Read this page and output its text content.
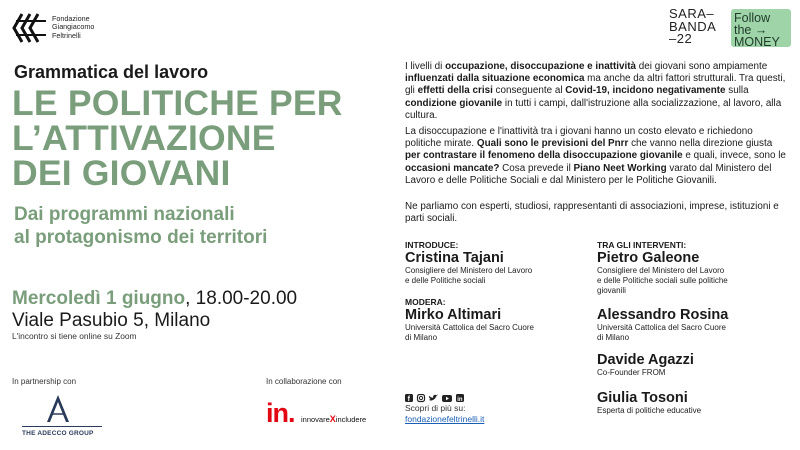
Fondazione
Giangiacomo
Feltrinelli
SARA–
BANDA
–22
Follow
the →
MONEY
Grammatica del lavoro
LE POLITICHE PER
L’ATTIVAZIONE
DEI GIOVANI
Dai programmi nazionali
al protagonismo dei territori
Mercoledì 1 giugno, 18.00-20.00
Viale Pasubio 5, Milano
L'incontro si tiene online su Zoom
In partnership con
THE ADECCO GROUP
In collaborazione con
in. innovareXincludere
I livelli di occupazione, disoccupazione e inattività dei giovani sono ampiamente influenzati dalla situazione economica ma anche da altri fattori strutturali. Tra questi, gli effetti della crisi conseguente al Covid-19, incidono negativamente sulla condizione giovanile in tutti i campi, dall'istruzione alla socializzazione, al lavoro, alla cultura.
La disoccupazione e l'inattività tra i giovani hanno un costo elevato e richiedono politiche mirate. Quali sono le previsioni del Pnrr che vanno nella direzione giusta per contrastare il fenomeno della disoccupazione giovanile e quali, invece, sono le occasioni mancate? Cosa prevede il Piano Neet Working varato dal Ministero del Lavoro e delle Politiche Sociali e dal Ministero per le Politiche Giovanili.
Ne parliamo con esperti, studiosi, rappresentanti di associazioni, imprese, istituzioni e parti sociali.
INTRODUCE:
Cristina Tajani
Consigliere del Ministero del Lavoro
e delle Politiche sociali
MODERA:
Mirko Altimari
Università Cattolica del Sacro Cuore
di Milano
TRA GLI INTERVENTI:
Pietro Galeone
Consigliere del Ministero del Lavoro
e delle Politiche sociali sulle politiche
giovanili
Alessandro Rosina
Università Cattolica del Sacro Cuore
di Milano
Davide Agazzi
Co-Founder FROM
Giulia Tosoni
Esperta di politiche educative
f	in
Scopri di più su:
fondazionefeltrinelli.it
